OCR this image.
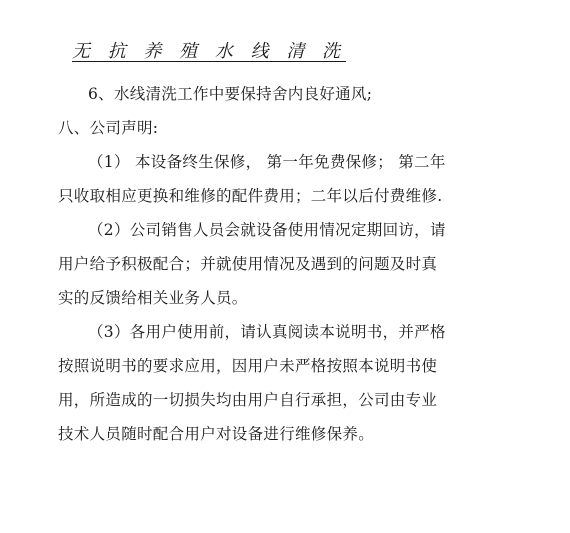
无 抗 养 殖 水 线 清 洗
6、水线清洗工作中要保持舍内良好通风;
八、公司声明:
（1） 本设备终生保修， 第一年免费保修； 第二年
只收取相应更换和维修的配件费用；二年以后付费维修.
（2）公司销售人员会就设备使用情况定期回访，请
用户给予积极配合；并就使用情况及遇到的问题及时真
实的反馈给相关业务人员。
（3）各用户使用前，请认真阅读本说明书，并严格
按照说明书的要求应用，因用户未严格按照本说明书使
用，所造成的一切损失均由用户自行承担，公司由专业
技术人员随时配合用户对设备进行维修保养。
